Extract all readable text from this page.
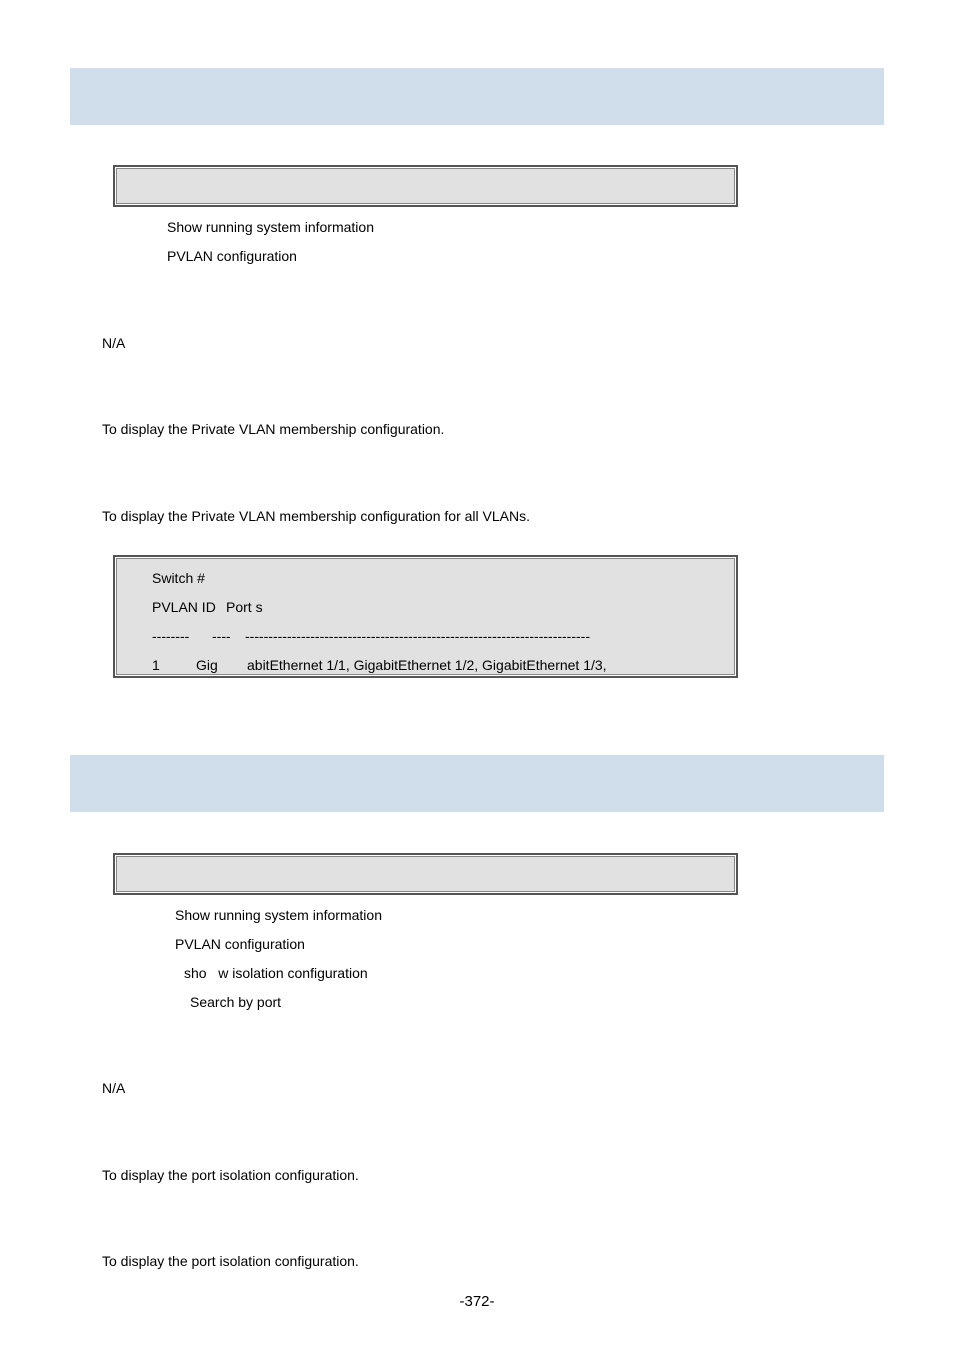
Show running system information
PVLAN configuration
N/A
To display the Private VLAN membership configuration.
To display the Private VLAN membership configuration for all VLANs.
Switch #
PVLAN ID Port s
-------- ---- --------------------------------------------------------------------------
1	Gig abitEthernet 1/1, GigabitEthernet 1/2, GigabitEthernet 1/3,
Show running system information
PVLAN configuration
sho   w isolation configuration
Search by port
N/A
To display the port isolation configuration.
To display the port isolation configuration.
-372-
